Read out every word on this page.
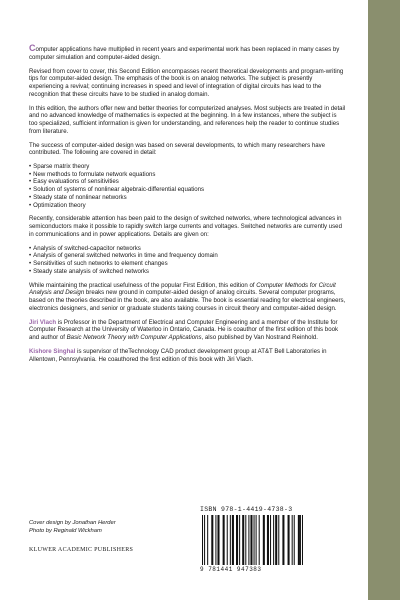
Computer applications have multiplied in recent years and experimental work has been replaced in many cases by computer simulation and computer-aided design.

Revised from cover to cover, this Second Edition encompasses recent theoretical developments and program-writing tips for computer-aided design. The emphasis of the book is on analog networks. The subject is presently experiencing a revival; continuing increases in speed and level of integration of digital circuits has lead to the recognition that these circuits have to be studied in analog domain.

In this edition, the authors offer new and better theories for computerized analyses. Most subjects are treated in detail and no advanced knowledge of mathematics is expected at the beginning. In a few instances, where the subject is too specialized, sufficient information is given for understanding, and references help the reader to continue studies from literature.

The success of computer-aided design was based on several developments, to which many researchers have contributed. The following are covered in detail:

• Sparse matrix theory
• New methods to formulate network equations
• Easy evaluations of sensitivities
• Solution of systems of nonlinear algebraic-differential equations
• Steady state of nonlinear networks
• Optimization theory

Recently, considerable attention has been paid to the design of switched networks, where technological advances in semiconductors make it possible to rapidly switch large currents and voltages. Switched networks are currently used in communications and in power applications. Details are given on:

• Analysis of switched-capacitor networks
• Analysis of general switched networks in time and frequency domain
• Sensitivities of such networks to element changes
• Steady state analysis of switched networks

While maintaining the practical usefulness of the popular First Edition, this edition of Computer Methods for Circuit Analysis and Design breaks new ground in computer-aided design of analog circuits. Several computer programs, based on the theories described in the book, are also available. The book is essential reading for electrical engineers, electronics designers, and senior or graduate students taking courses in circuit theory and computer-aided design.

Jiri Vlach is Professor in the Department of Electrical and Computer Engineering and a member of the Institute for Computer Research at the University of Waterloo in Ontario, Canada. He is coauthor of the first edition of this book and author of Basic Network Theory with Computer Applications, also published by Van Nostrand Reinhold.

Kishore Singhal is supervisor of theTechnology CAD product development group at AT&T Bell Laboratories in Allentown, Pennsylvania. He coauthored the first edition of this book with Jiri Vlach.

Cover design by Jonathan Herder
Photo by Reginald Wickham
KLUWER ACADEMIC PUBLISHERS
ISBN 978-1-4419-4738-3
9 781441 947383
